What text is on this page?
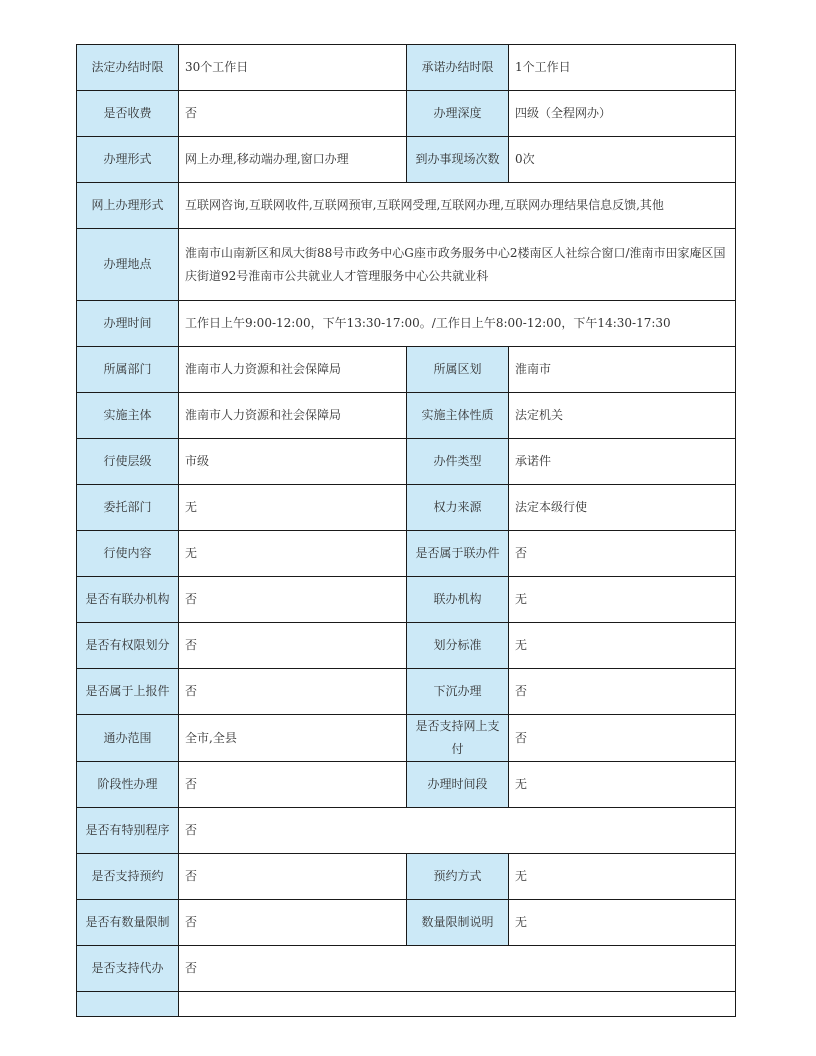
法定办结时限	30个工作日	承诺办结时限	1个工作日
是否收费	否	办理深度	四级（全程网办）
办理形式	网上办理,移动端办理,窗口办理	到办事现场次数	0次
网上办理形式	互联网咨询,互联网收件,互联网预审,互联网受理,互联网办理,互联网办理结果信息反馈,其他		
办理地点	淮南市山南新区和凤大街88号市政务中心G座市政务服务中心2楼南区人社综合窗口/淮南市田家庵区国庆街道92号淮南市公共就业人才管理服务中心公共就业科		
办理时间	工作日上午9:00-12:00，下午13:30-17:00。/工作日上午8:00-12:00，下午14:30-17:30		
所属部门	淮南市人力资源和社会保障局	所属区划	淮南市
实施主体	淮南市人力资源和社会保障局	实施主体性质	法定机关
行使层级	市级	办件类型	承诺件
委托部门	无	权力来源	法定本级行使
行使内容	无	是否属于联办件	否
是否有联办机构	否	联办机构	无
是否有权限划分	否	划分标准	无
是否属于上报件	否	下沉办理	否
通办范围	全市,全县	是否支持网上支付	否
阶段性办理	否	办理时间段	无
是否有特别程序	否		
是否支持预约	否	预约方式	无
是否有数量限制	否	数量限制说明	无
是否支持代办	否		
